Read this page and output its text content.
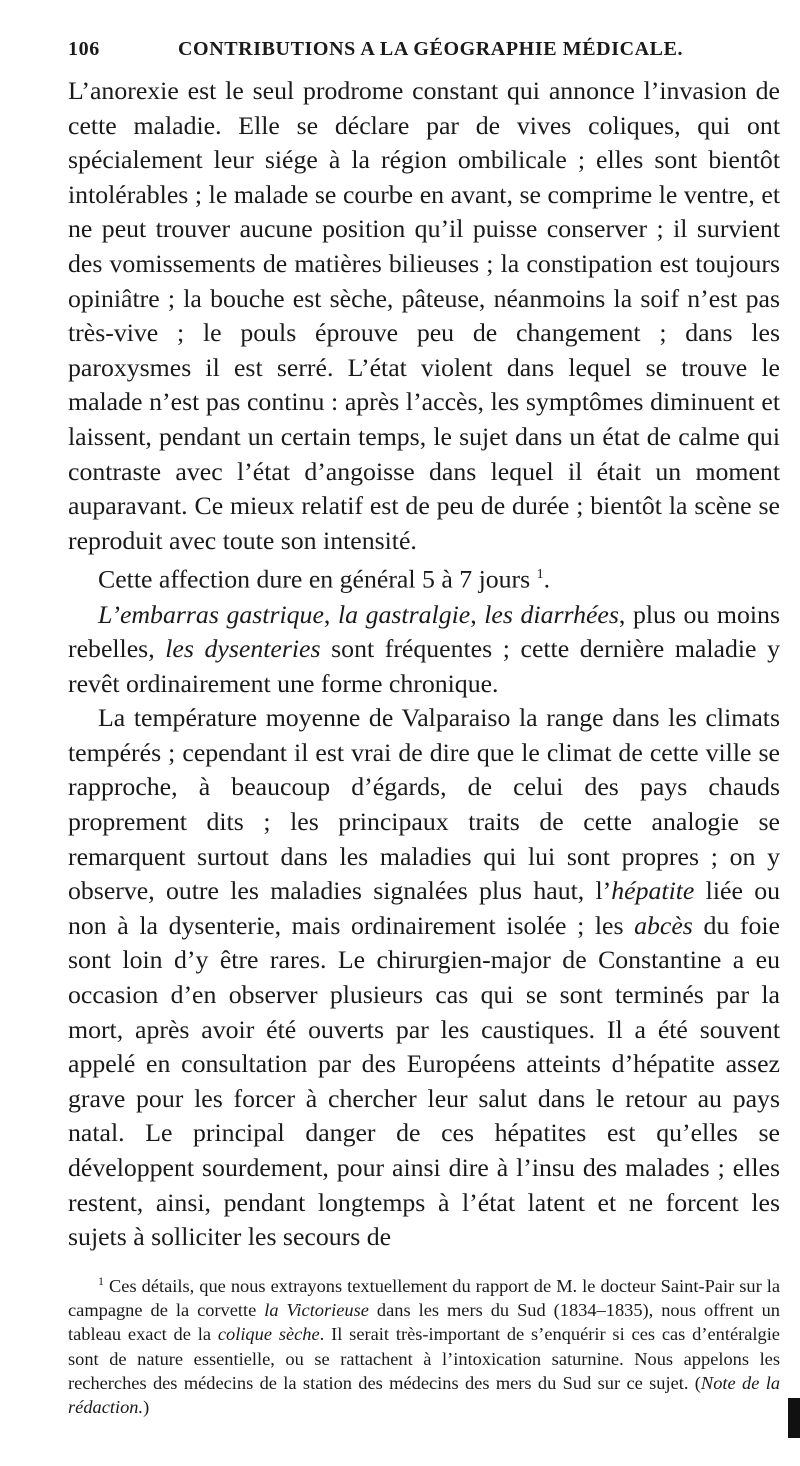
106	CONTRIBUTIONS A LA GÉOGRAPHIE MÉDICALE.

L’anorexie est le seul prodrome constant qui annonce l’invasion de cette maladie. Elle se déclare par de vives coliques, qui ont spécialement leur siége à la région ombilicale ; elles sont bientôt intolérables ; le malade se courbe en avant, se comprime le ventre, et ne peut trouver aucune position qu’il puisse conserver ; il survient des vomissements de matières bilieuses ; la constipation est toujours opiniâtre ; la bouche est sèche, pâteuse, néanmoins la soif n’est pas très-vive ; le pouls éprouve peu de changement ; dans les paroxysmes il est serré. L’état violent dans lequel se trouve le malade n’est pas continu : après l’accès, les symptômes diminuent et laissent, pendant un certain temps, le sujet dans un état de calme qui contraste avec l’état d’angoisse dans lequel il était un moment auparavant. Ce mieux relatif est de peu de durée ; bientôt la scène se reproduit avec toute son intensité.

Cette affection dure en général 5 à 7 jours $^1$.

L’embarras gastrique, la gastralgie, les diarrhées, plus ou moins rebelles, les dysenteries sont fréquentes ; cette dernière maladie y revêt ordinairement une forme chronique.

La température moyenne de Valparaiso la range dans les climats tempérés ; cependant il est vrai de dire que le climat de cette ville se rapproche, à beaucoup d’égards, de celui des pays chauds proprement dits ; les principaux traits de cette analogie se remarquent surtout dans les maladies qui lui sont propres ; on y observe, outre les maladies signalées plus haut, l’hépatite liée ou non à la dysenterie, mais ordinairement isolée ; les abcès du foie sont loin d’y être rares. Le chirurgien-major de Constantine a eu occasion d’en observer plusieurs cas qui se sont terminés par la mort, après avoir été ouverts par les caustiques. Il a été souvent appelé en consultation par des Européens atteints d’hépatite assez grave pour les forcer à chercher leur salut dans le retour au pays natal. Le principal danger de ces hépatites est qu’elles se développent sourdement, pour ainsi dire à l’insu des malades ; elles restent, ainsi, pendant longtemps à l’état latent et ne forcent les sujets à solliciter les secours de

$^1$ Ces détails, que nous extrayons textuellement du rapport de M. le docteur Saint-Pair sur la campagne de la corvette la Victorieuse dans les mers du Sud (1834–1835), nous offrent un tableau exact de la colique sèche. Il serait très-important de s’enquérir si ces cas d’entéralgie sont de nature essentielle, ou se rattachent à l’intoxication saturnine. Nous appelons les recherches des médecins de la station des médecins des mers du Sud sur ce sujet. (Note de la rédaction.)
